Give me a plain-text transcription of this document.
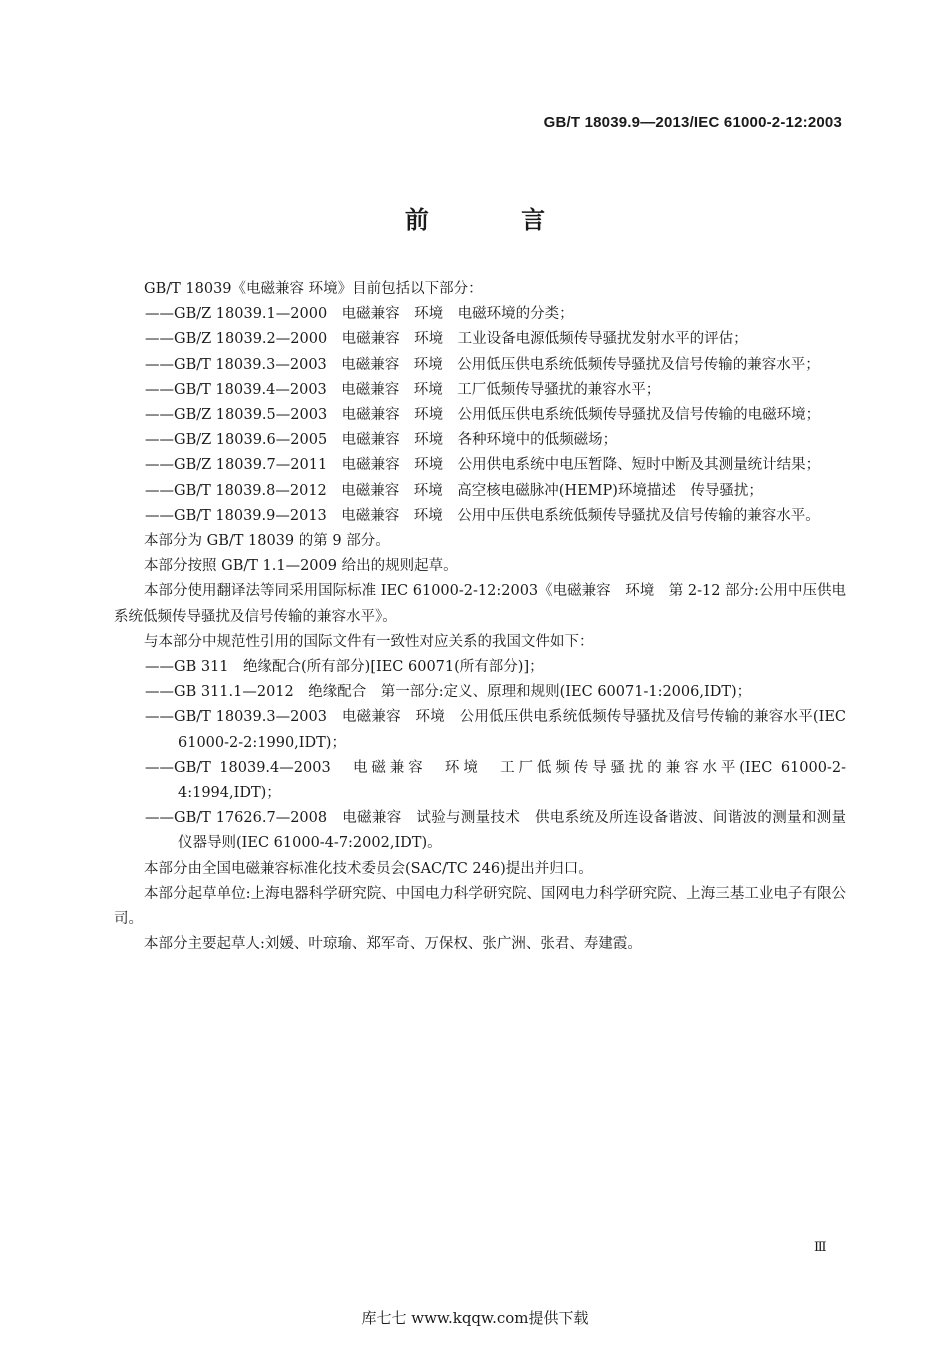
GB/T 18039.9—2013/IEC 61000-2-12:2003
前 言
GB/T 18039《电磁兼容 环境》目前包括以下部分：
——GB/Z 18039.1—2000　电磁兼容　环境　电磁环境的分类；
——GB/Z 18039.2—2000　电磁兼容　环境　工业设备电源低频传导骚扰发射水平的评估；
——GB/T 18039.3—2003　电磁兼容　环境　公用低压供电系统低频传导骚扰及信号传输的兼容水平；
——GB/T 18039.4—2003　电磁兼容　环境　工厂低频传导骚扰的兼容水平；
——GB/Z 18039.5—2003　电磁兼容　环境　公用低压供电系统低频传导骚扰及信号传输的电磁环境；
——GB/Z 18039.6—2005　电磁兼容　环境　各种环境中的低频磁场；
——GB/Z 18039.7—2011　电磁兼容　环境　公用供电系统中电压暂降、短时中断及其测量统计结果；
——GB/T 18039.8—2012　电磁兼容　环境　高空核电磁脉冲(HEMP)环境描述　传导骚扰；
——GB/T 18039.9—2013　电磁兼容　环境　公用中压供电系统低频传导骚扰及信号传输的兼容水平。
本部分为 GB/T 18039 的第 9 部分。
本部分按照 GB/T 1.1—2009 给出的规则起草。
本部分使用翻译法等同采用国际标准 IEC 61000-2-12:2003《电磁兼容　环境　第 2-12 部分:公用中压供电系统低频传导骚扰及信号传输的兼容水平》。
与本部分中规范性引用的国际文件有一致性对应关系的我国文件如下：
——GB 311　绝缘配合(所有部分)[IEC 60071(所有部分)]；
——GB 311.1—2012　绝缘配合　第一部分:定义、原理和规则(IEC 60071-1:2006,IDT)；
——GB/T 18039.3—2003　电磁兼容　环境　公用低压供电系统低频传导骚扰及信号传输的兼容水平(IEC 61000-2-2:1990,IDT)；
——GB/T 18039.4—2003　电磁兼容　环境　工厂低频传导骚扰的兼容水平(IEC 61000-2-4:1994,IDT)；
——GB/T 17626.7—2008　电磁兼容　试验与测量技术　供电系统及所连设备谐波、间谐波的测量和测量仪器导则(IEC 61000-4-7:2002,IDT)。
本部分由全国电磁兼容标准化技术委员会(SAC/TC 246)提出并归口。
本部分起草单位:上海电器科学研究院、中国电力科学研究院、国网电力科学研究院、上海三基工业电子有限公司。
本部分主要起草人:刘媛、叶琼瑜、郑军奇、万保权、张广洲、张君、寿建霞。
Ⅲ
库七七 www.kqqw.com提供下载
